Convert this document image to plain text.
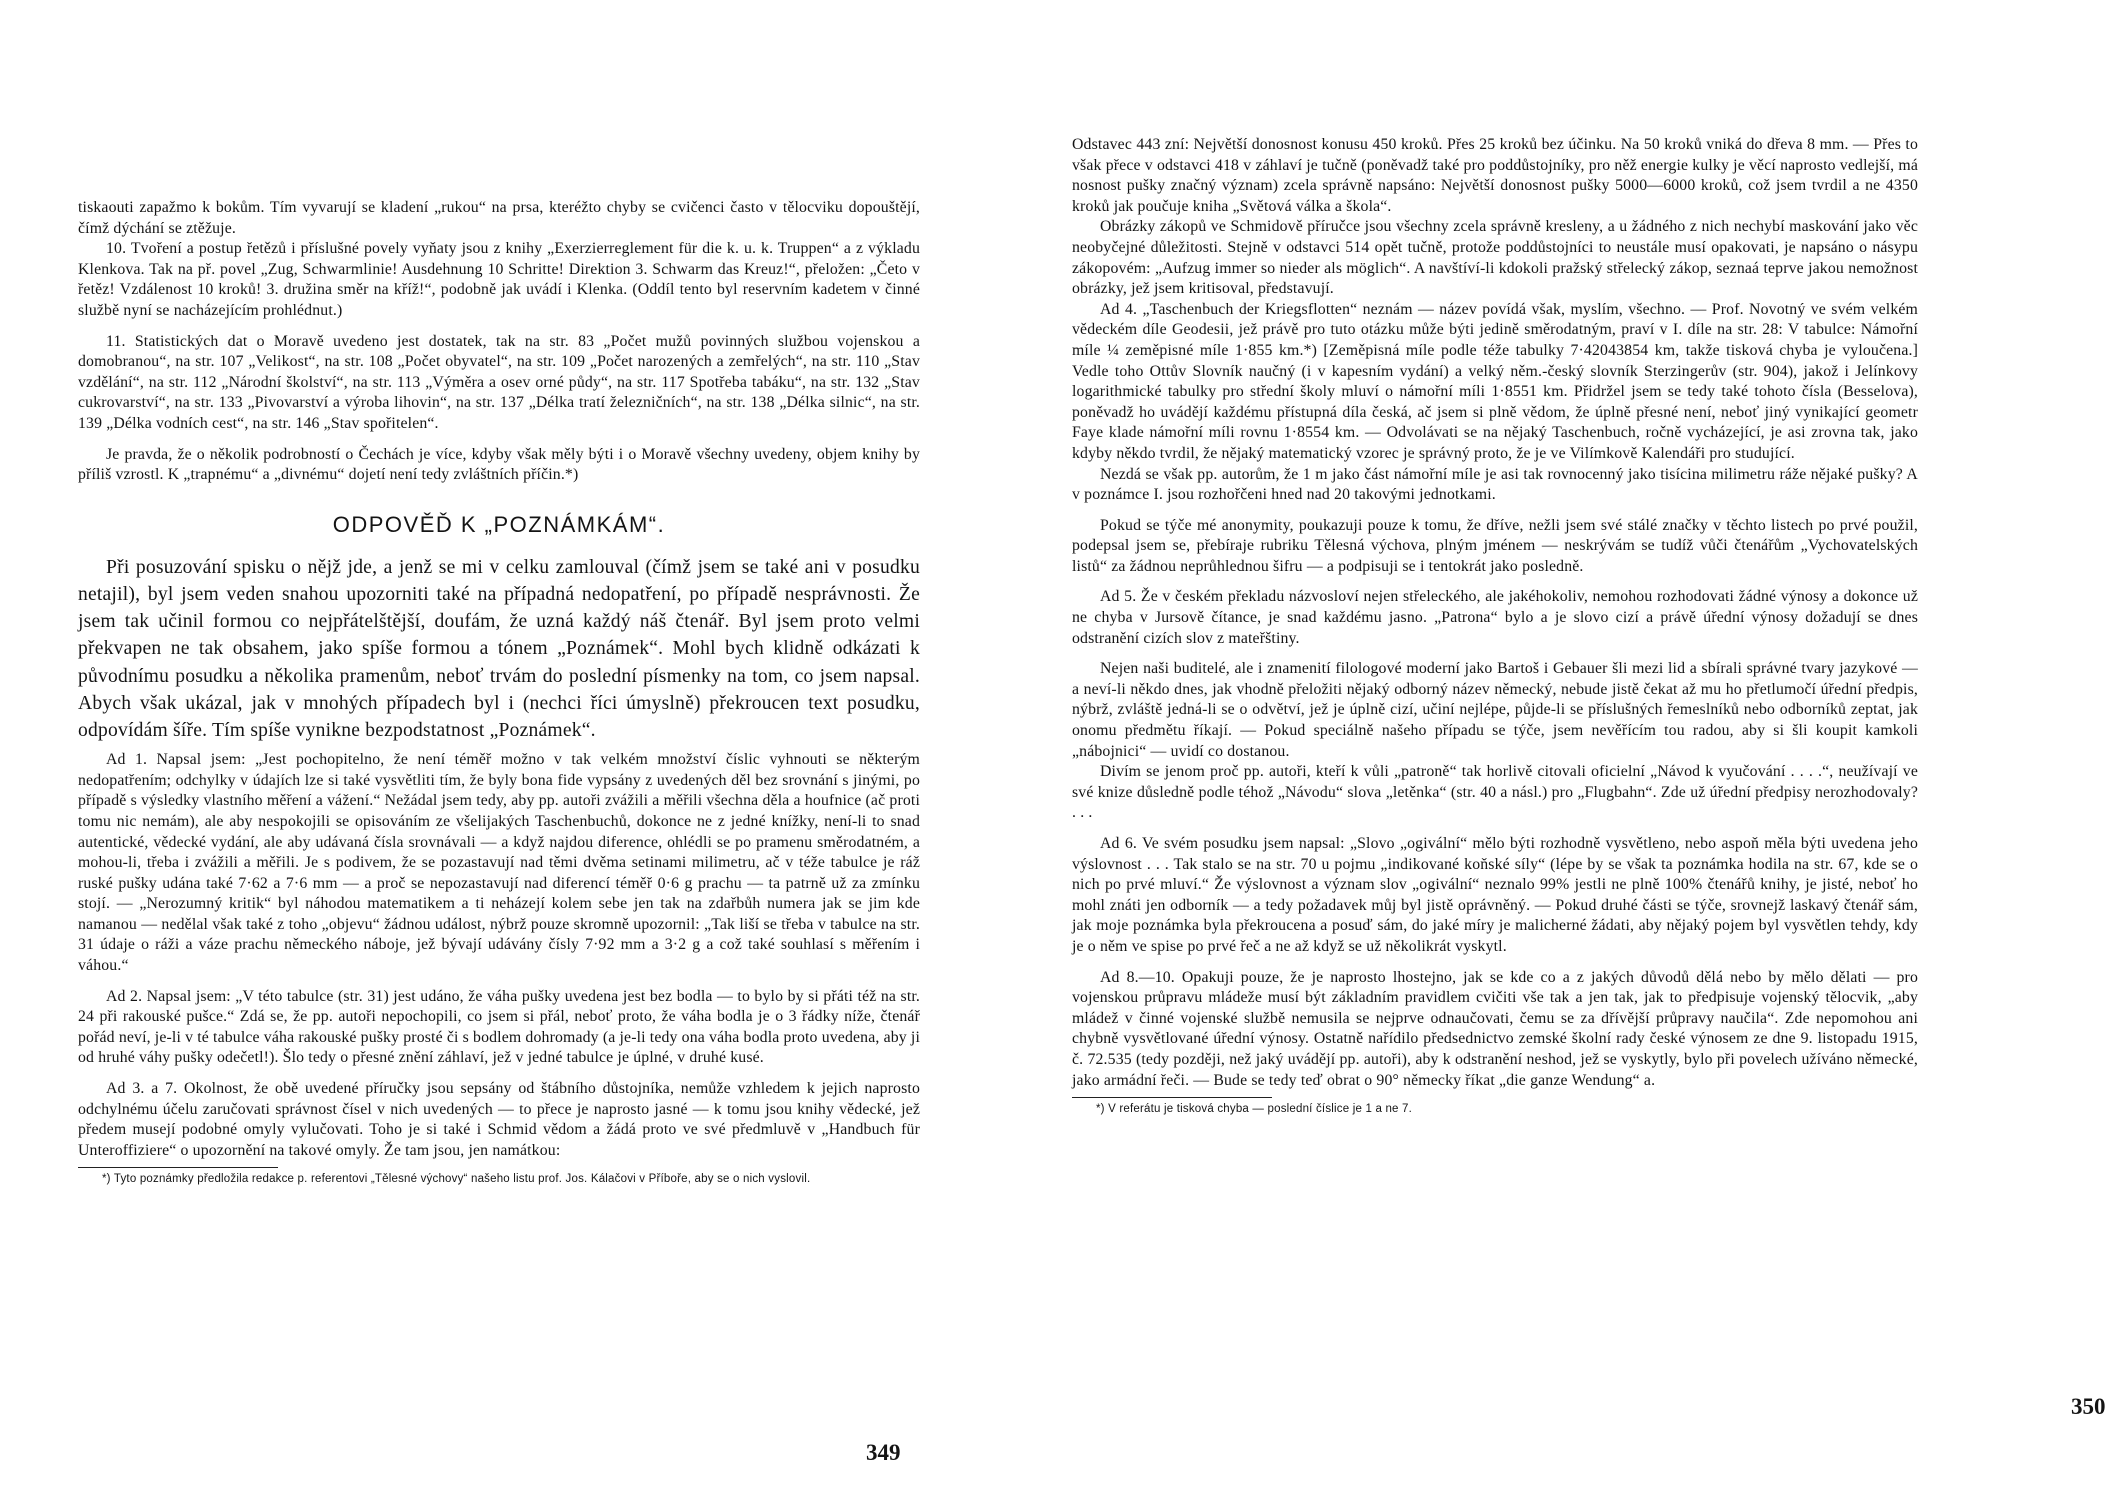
tiskaouti zapažmo k bokům. Tím vyvarují se kladení „rukou“ na prsa, kteréžto chyby se cvičenci často v tělocviku dopouštějí, čímž dýchání se ztěžuje.

10. Tvoření a postup řetězů i příslušné povely vyňaty jsou z knihy „Exerzierreglement für die k. u. k. Truppen“ a z výkladu Klenkova. Tak na př. povel „Zug, Schwarmlinie! Ausdehnung 10 Schritte! Direktion 3. Schwarm das Kreuz!“, přeložen: „Četo v řetěz! Vzdálenost 10 kroků! 3. družina směr na kříž!“, podobně jak uvádí i Klenka. (Oddíl tento byl reservním kadetem v činné službě nyní se nacházejícím prohlédnut.)

11. Statistických dat o Moravě uvedeno jest dostatek, tak na str. 83 „Počet mužů povinných službou vojenskou a domobranou“, na str. 107 „Velikost“, na str. 108 „Počet obyvatel“, na str. 109 „Počet narozených a zemřelých“, na str. 110 „Stav vzdělání“, na str. 112 „Národní školství“, na str. 113 „Výměra a osev orné půdy“, na str. 117 Spotřeba tabáku“, na str. 132 „Stav cukrovarství“, na str. 133 „Pivovarství a výroba lihovin“, na str. 137 „Délka tratí železničních“, na str. 138 „Délka silnic“, na str. 139 „Délka vodních cest“, na str. 146 „Stav spořitelen“.

Je pravda, že o několik podrobností o Čechách je více, kdyby však měly býti i o Moravě všechny uvedeny, objem knihy by příliš vzrostl. K „trapnému“ a „divnému“ dojetí není tedy zvláštních příčin.*)

ODPOVĚĎ K „POZNÁMKÁM“.

Při posuzování spisku o nějž jde, a jenž se mi v celku zamlouval (čímž jsem se také ani v posudku netajil), byl jsem veden snahou upozorniti také na případná nedopatření, po případě nesprávnosti. Že jsem tak učinil formou co nejpřátelštější, doufám, že uzná každý náš čtenář. Byl jsem proto velmi překvapen ne tak obsahem, jako spíše formou a tónem „Poznámek“. Mohl bych klidně odkázati k původnímu posudku a několika pramenům, neboť trvám do poslední písmenky na tom, co jsem napsal. Abych však ukázal, jak v mnohých případech byl i (nechci říci úmyslně) překroucen text posudku, odpovídám šíře. Tím spíše vynikne bezpodstatnost „Poznámek“.

Ad 1. Napsal jsem: „Jest pochopitelno, že není téměř možno v tak velkém množství číslic vyhnouti se některým nedopatřením; odchylky v údajích lze si také vysvětliti tím, že byly bona fide vypsány z uvedených děl bez srovnání s jinými, po případě s výsledky vlastního měření a vážení.“ Nežádal jsem tedy, aby pp. autoři zvážili a měřili všechna děla a houfnice (ač proti tomu nic nemám), ale aby nespokojili se opisováním ze všelijakých Taschenbuchů, dokonce ne z jedné knížky, není-li to snad autentické, vědecké vydání, ale aby udávaná čísla srovnávali — a když najdou diference, ohlédli se po pramenu směrodatném, a mohou-li, třeba i zvážili a měřili. Je s podivem, že se pozastavují nad těmi dvěma setinami milimetru, ač v téže tabulce je ráž ruské pušky udána také 7·62 a 7·6 mm — a proč se nepozastavují nad diferencí téměř 0·6 g prachu — ta patrně už za zmínku stojí. — „Nerozumný kritik“ byl náhodou matematikem a ti neházejí kolem sebe jen tak na zdařbůh numera jak se jim kde namanou — nedělal však také z toho „objevu“ žádnou událost, nýbrž pouze skromně upozornil: „Tak liší se třeba v tabulce na str. 31 údaje o ráži a váze prachu německého náboje, jež bývají udávány čísly 7·92 mm a 3·2 g a což také souhlasí s měřením i váhou.“

Ad 2. Napsal jsem: „V této tabulce (str. 31) jest udáno, že váha pušky uvedena jest bez bodla — to bylo by si přáti též na str. 24 při rakouské pušce.“ Zdá se, že pp. autoři nepochopili, co jsem si přál, neboť proto, že váha bodla je o 3 řádky níže, čtenář pořád neví, je-li v té tabulce váha rakouské pušky prosté či s bodlem dohromady (a je-li tedy ona váha bodla proto uvedena, aby ji od hruhé váhy pušky odečetl!). Šlo tedy o přesné znění záhlaví, jež v jedné tabulce je úplné, v druhé kusé.

Ad 3. a 7. Okolnost, že obě uvedené příručky jsou sepsány od štábního důstojníka, nemůže vzhledem k jejich naprosto odchylnému účelu zaručovati správnost čísel v nich uvedených — to přece je naprosto jasné — k tomu jsou knihy vědecké, jež předem musejí podobné omyly vylučovati. Toho je si také i Schmid vědom a žádá proto ve své předmluvě v „Handbuch für Unteroffiziere“ o upozornění na takové omyly. Že tam jsou, jen namátkou:

*) Tyto poznámky předložila redakce p. referentovi „Tělesné výchovy“ našeho listu prof. Jos. Kálačovi v Příboře, aby se o nich vyslovil.

349

Odstavec 443 zní: Největší donosnost konusu 450 kroků. Přes 25 kroků bez účinku. Na 50 kroků vniká do dřeva 8 mm. — Přes to však přece v odstavci 418 v záhlaví je tučně (poněvadž také pro poddůstojníky, pro něž energie kulky je věcí naprosto vedlejší, má nosnost pušky značný význam) zcela správně napsáno: Největší donosnost pušky 5000—6000 kroků, což jsem tvrdil a ne 4350 kroků jak poučuje kniha „Světová válka a škola“.

Obrázky zákopů ve Schmidově příručce jsou všechny zcela správně kresleny, a u žádného z nich nechybí maskování jako věc neobyčejné důležitosti. Stejně v odstavci 514 opět tučně, protože poddůstojníci to neustále musí opakovati, je napsáno o násypu zákopovém: „Aufzug immer so nieder als möglich“. A navštíví-li kdokoli pražský střelecký zákop, seznaá teprve jakou nemožnost obrázky, jež jsem kritisoval, představují.

Ad 4. „Taschenbuch der Kriegsflotten“ neznám — název povídá však, myslím, všechno. — Prof. Novotný ve svém velkém vědeckém díle Geodesii, jež právě pro tuto otázku může býti jedině směrodatným, praví v I. díle na str. 28: V tabulce: Námořní míle ¼ zeměpisné míle 1·855 km.*) [Zeměpisná míle podle téže tabulky 7·42043854 km, takže tisková chyba je vyloučena.] Vedle toho Ottův Slovník naučný (i v kapesním vydání) a velký něm.-český slovník Sterzingerův (str. 904), jakož i Jelínkovy logarithmické tabulky pro střední školy mluví o námořní míli 1·8551 km. Přidržel jsem se tedy také tohoto čísla (Besselova), poněvadž ho uvádějí každému přístupná díla česká, ač jsem si plně vědom, že úplně přesné není, neboť jiný vynikající geometr Faye klade námořní míli rovnu 1·8554 km. — Odvolávati se na nějaký Taschenbuch, ročně vycházející, je asi zrovna tak, jako kdyby někdo tvrdil, že nějaký matematický vzorec je správný proto, že je ve Vilímkově Kalendáři pro studující.

Nezdá se však pp. autorům, že 1 m jako část námořní míle je asi tak rovnocenný jako tisícina milimetru ráže nějaké pušky? A v poznámce I. jsou rozhořčeni hned nad 20 takovými jednotkami.

Pokud se týče mé anonymity, poukazuji pouze k tomu, že dříve, nežli jsem své stálé značky v těchto listech po prvé použil, podepsal jsem se, přebíraje rubriku Tělesná výchova, plným jménem — neskrývám se tudíž vůči čtenářům „Vychovatelských listů“ za žádnou neprůhlednou šifru — a podpisuji se i tentokrát jako posledně.

Ad 5. Že v českém překladu názvosloví nejen střeleckého, ale jakéhokoliv, nemohou rozhodovati žádné výnosy a dokonce už ne chyba v Jursově čítance, je snad každému jasno. „Patrona“ bylo a je slovo cizí a právě úřední výnosy dožadují se dnes odstranění cizích slov z mateřštiny.

Nejen naši buditelé, ale i znamenití filologové moderní jako Bartoš i Gebauer šli mezi lid a sbírali správné tvary jazykové — a neví-li někdo dnes, jak vhodně přeložiti nějaký odborný název německý, nebude jistě čekat až mu ho přetlumočí úřední předpis, nýbrž, zvláště jedná-li se o odvětví, jež je úplně cizí, učiní nejlépe, půjde-li se příslušných řemeslníků nebo odborníků zeptat, jak onomu předmětu říkají. — Pokud speciálně našeho případu se týče, jsem nevěřícím tou radou, aby si šli koupit kamkoli „nábojnici“ — uvidí co dostanou.

Divím se jenom proč pp. autoři, kteří k vůli „patroně“ tak horlivě citovali oficielní „Návod k vyučování . . . .“, neužívají ve své knize důsledně podle téhož „Návodu“ slova „letěnka“ (str. 40 a násl.) pro „Flugbahn“. Zde už úřední předpisy nerozhodovaly? . . .

Ad 6. Ve svém posudku jsem napsal: „Slovo „ogivální“ mělo býti rozhodně vysvětleno, nebo aspoň měla býti uvedena jeho výslovnost . . . Tak stalo se na str. 70 u pojmu „indikované koňské síly“ (lépe by se však ta poznámka hodila na str. 67, kde se o nich po prvé mluví.“ Že výslovnost a význam slov „ogivální“ neznalo 99% jestli ne plně 100% čtenářů knihy, je jisté, neboť ho mohl znáti jen odborník — a tedy požadavek můj byl jistě oprávněný. — Pokud druhé části se týče, srovnejž laskavý čtenář sám, jak moje poznámka byla překroucena a posuď sám, do jaké míry je malicherné žádati, aby nějaký pojem byl vysvětlen tehdy, kdy je o něm ve spise po prvé řeč a ne až když se už několikrát vyskytl.

Ad 8.—10. Opakuji pouze, že je naprosto lhostejno, jak se kde co a z jakých důvodů dělá nebo by mělo dělati — pro vojenskou průpravu mládeže musí být základním pravidlem cvičiti vše tak a jen tak, jak to předpisuje vojenský tělocvik, „aby mládež v činné vojenské službě nemusila se nejprve odnaučovati, čemu se za dřívější průpravy naučila“. Zde nepomohou ani chybně vysvětlované úřední výnosy. Ostatně nařídilo předsednictvo zemské školní rady české výnosem ze dne 9. listopadu 1915, č. 72.535 (tedy později, než jaký uvádějí pp. autoři), aby k odstranění neshod, jež se vyskytly, bylo při povelech užíváno německé, jako armádní řeči. — Bude se tedy teď obrat o 90° německy říkat „die ganze Wendung“ a.

*) V referátu je tisková chyba — poslední číslice je 1 a ne 7.

350
